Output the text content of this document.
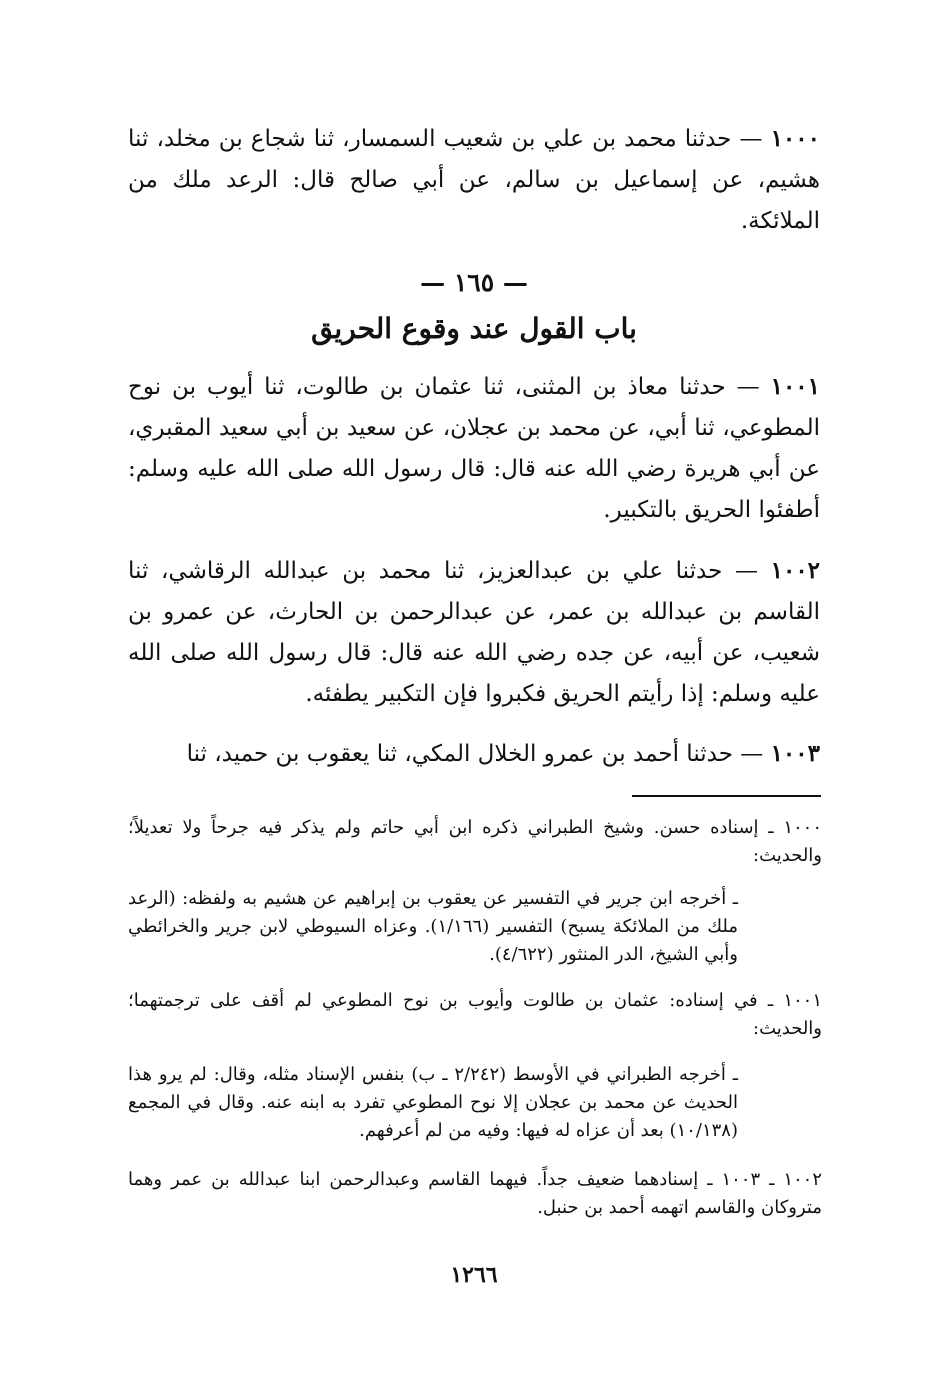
١٠٠٠ — حدثنا محمد بن علي بن شعيب السمسار، ثنا شجاع بن مخلد، ثنا هشيم، عن إسماعيل بن سالم، عن أبي صالح قال: الرعد ملك من الملائكة.

— ١٦٥ —
باب القول عند وقوع الحريق

١٠٠١ — حدثنا معاذ بن المثنى، ثنا عثمان بن طالوت، ثنا أيوب بن نوح المطوعي، ثنا أبي، عن محمد بن عجلان، عن سعيد بن أبي سعيد المقبري، عن أبي هريرة رضي الله عنه قال: قال رسول الله صلى الله عليه وسلم: أطفئوا الحريق بالتكبير.

١٠٠٢ — حدثنا علي بن عبدالعزيز، ثنا محمد بن عبدالله الرقاشي، ثنا القاسم بن عبدالله بن عمر، عن عبدالرحمن بن الحارث، عن عمرو بن شعيب، عن أبيه، عن جده رضي الله عنه قال: قال رسول الله صلى الله عليه وسلم: إذا رأيتم الحريق فكبروا فإن التكبير يطفئه.

١٠٠٣ — حدثنا أحمد بن عمرو الخلال المكي، ثنا يعقوب بن حميد، ثنا

١٠٠٠ ـ إسناده حسن. وشيخ الطبراني ذكره ابن أبي حاتم ولم يذكر فيه جرحاً ولا تعديلاً؛ والحديث:

ـ أخرجه ابن جرير في التفسير عن يعقوب بن إبراهيم عن هشيم به ولفظه: (الرعد ملك من الملائكة يسبح) التفسير (١/١٦٦). وعزاه السيوطي لابن جرير والخرائطي وأبي الشيخ، الدر المنثور (٤/٦٢٢).

١٠٠١ ـ في إسناده: عثمان بن طالوت وأيوب بن نوح المطوعي لم أقف على ترجمتهما؛ والحديث:

ـ أخرجه الطبراني في الأوسط (٢/٢٤٢ ـ ب) بنفس الإسناد مثله، وقال: لم يرو هذا الحديث عن محمد بن عجلان إلا نوح المطوعي تفرد به ابنه عنه. وقال في المجمع (١٠/١٣٨) بعد أن عزاه له فيها: وفيه من لم أعرفهم.

١٠٠٢ ـ ١٠٠٣ ـ إسنادهما ضعيف جداً. فيهما القاسم وعبدالرحمن ابنا عبدالله بن عمر وهما متروكان والقاسم اتهمه أحمد بن حنبل.

١٢٦٦
